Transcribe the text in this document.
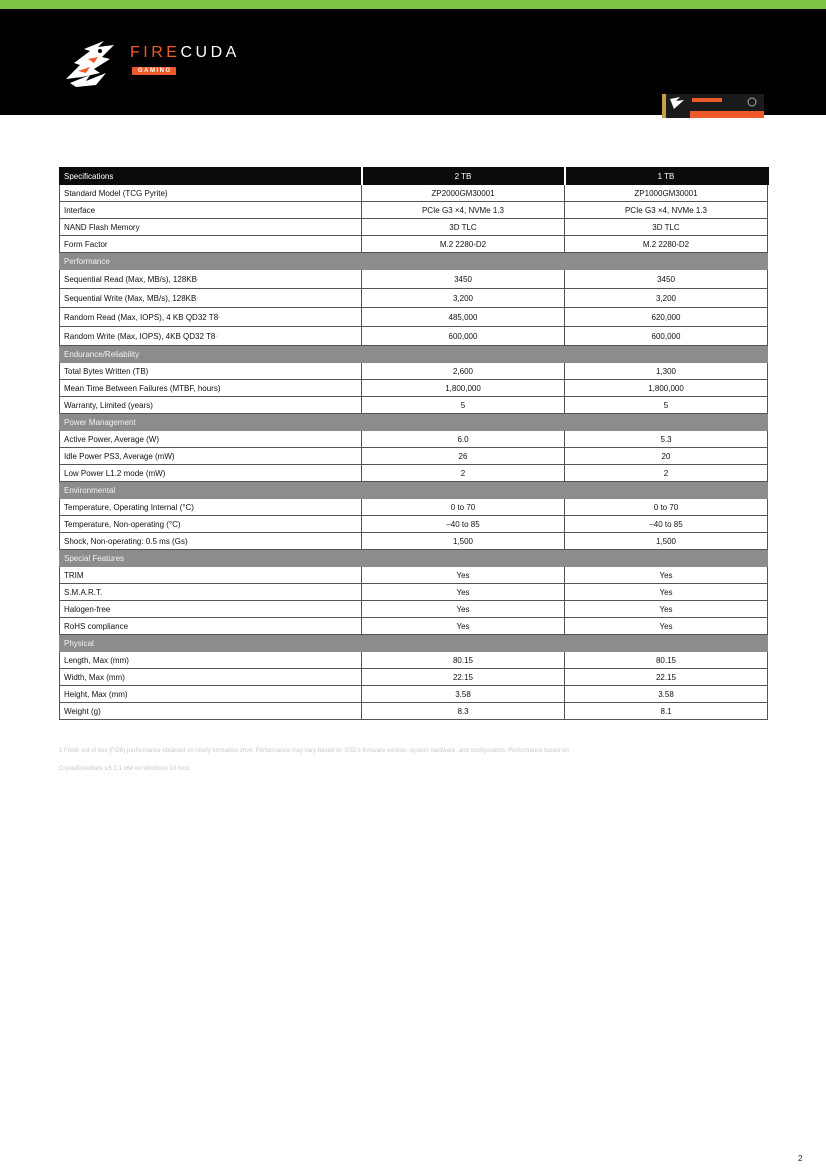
FIRECUDA
GAMING
Specifications	2 TB	1 TB
Standard Model (TCG Pyrite)	ZP2000GM30001	ZP1000GM30001
Interface	PCIe G3 ×4, NVMe 1.3	PCIe G3 ×4, NVMe 1.3
NAND Flash Memory	3D TLC	3D TLC
Form Factor	M.2 2280-D2	M.2 2280-D2
Performance		
Sequential Read (Max, MB/s), 128KB$^1$	3450	3450
Sequential Write (Max, MB/s), 128KB$^1$	3,200	3,200
Random Read (Max, IOPS), 4 KB QD32 T8$^1$	485,000	620,000
Random Write (Max, IOPS), 4KB QD32 T8$^1$	600,000	600,000
Endurance/Reliability		
Total Bytes Written (TB)	2,600	1,300
Mean Time Between Failures (MTBF, hours)	1,800,000	1,800,000
Warranty, Limited (years)	5	5
Power Management		
Active Power, Average (W)	6.0	5.3
Idle Power PS3, Average (mW)	26	20
Low Power L1.2 mode (mW)	2	2
Environmental		
Temperature, Operating Internal (°C)	0 to 70	0 to 70
Temperature, Non-operating (°C)	–40 to 85	–40 to 85
Shock, Non-operating: 0.5 ms (Gs)	1,500	1,500
Special Features		
TRIM	Yes	Yes
S.M.A.R.T.	Yes	Yes
Halogen-free	Yes	Yes
RoHS compliance	Yes	Yes
Physical		
Length, Max (mm)	80.15	80.15
Width, Max (mm)	22.15	22.15
Height, Max (mm)	3.58	3.58
Weight (g)	8.3	8.1
1 Fresh out of box (FOB) performance obtained on newly formatted drive. Performance may vary based on SSD’s firmware version, system hardware, and configuration. Performance based on
CrystalDiskMark v.5.2.1 x64 on Windows 10 host.
2
